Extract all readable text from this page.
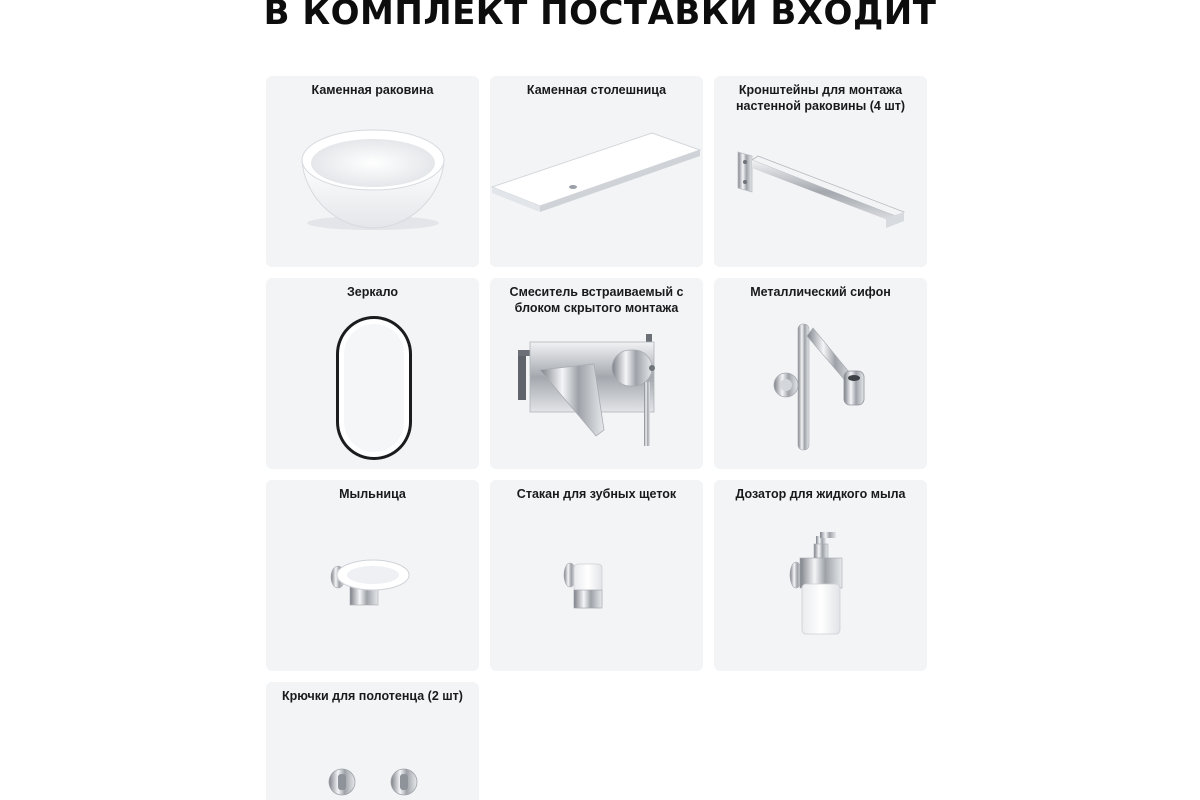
В КОМПЛЕКТ ПОСТАВКИ ВХОДИТ
Каменная раковина	Каменная столешница	Кронштейны для монтажа настенной раковины (4 шт)
Зеркало	Смеситель встраиваемый с блоком скрытого монтажа
Металлический сифон
Мыльница	Стакан для зубных щеток	Дозатор для жидкого мыла
Крючки для полотенца (2 шт)
